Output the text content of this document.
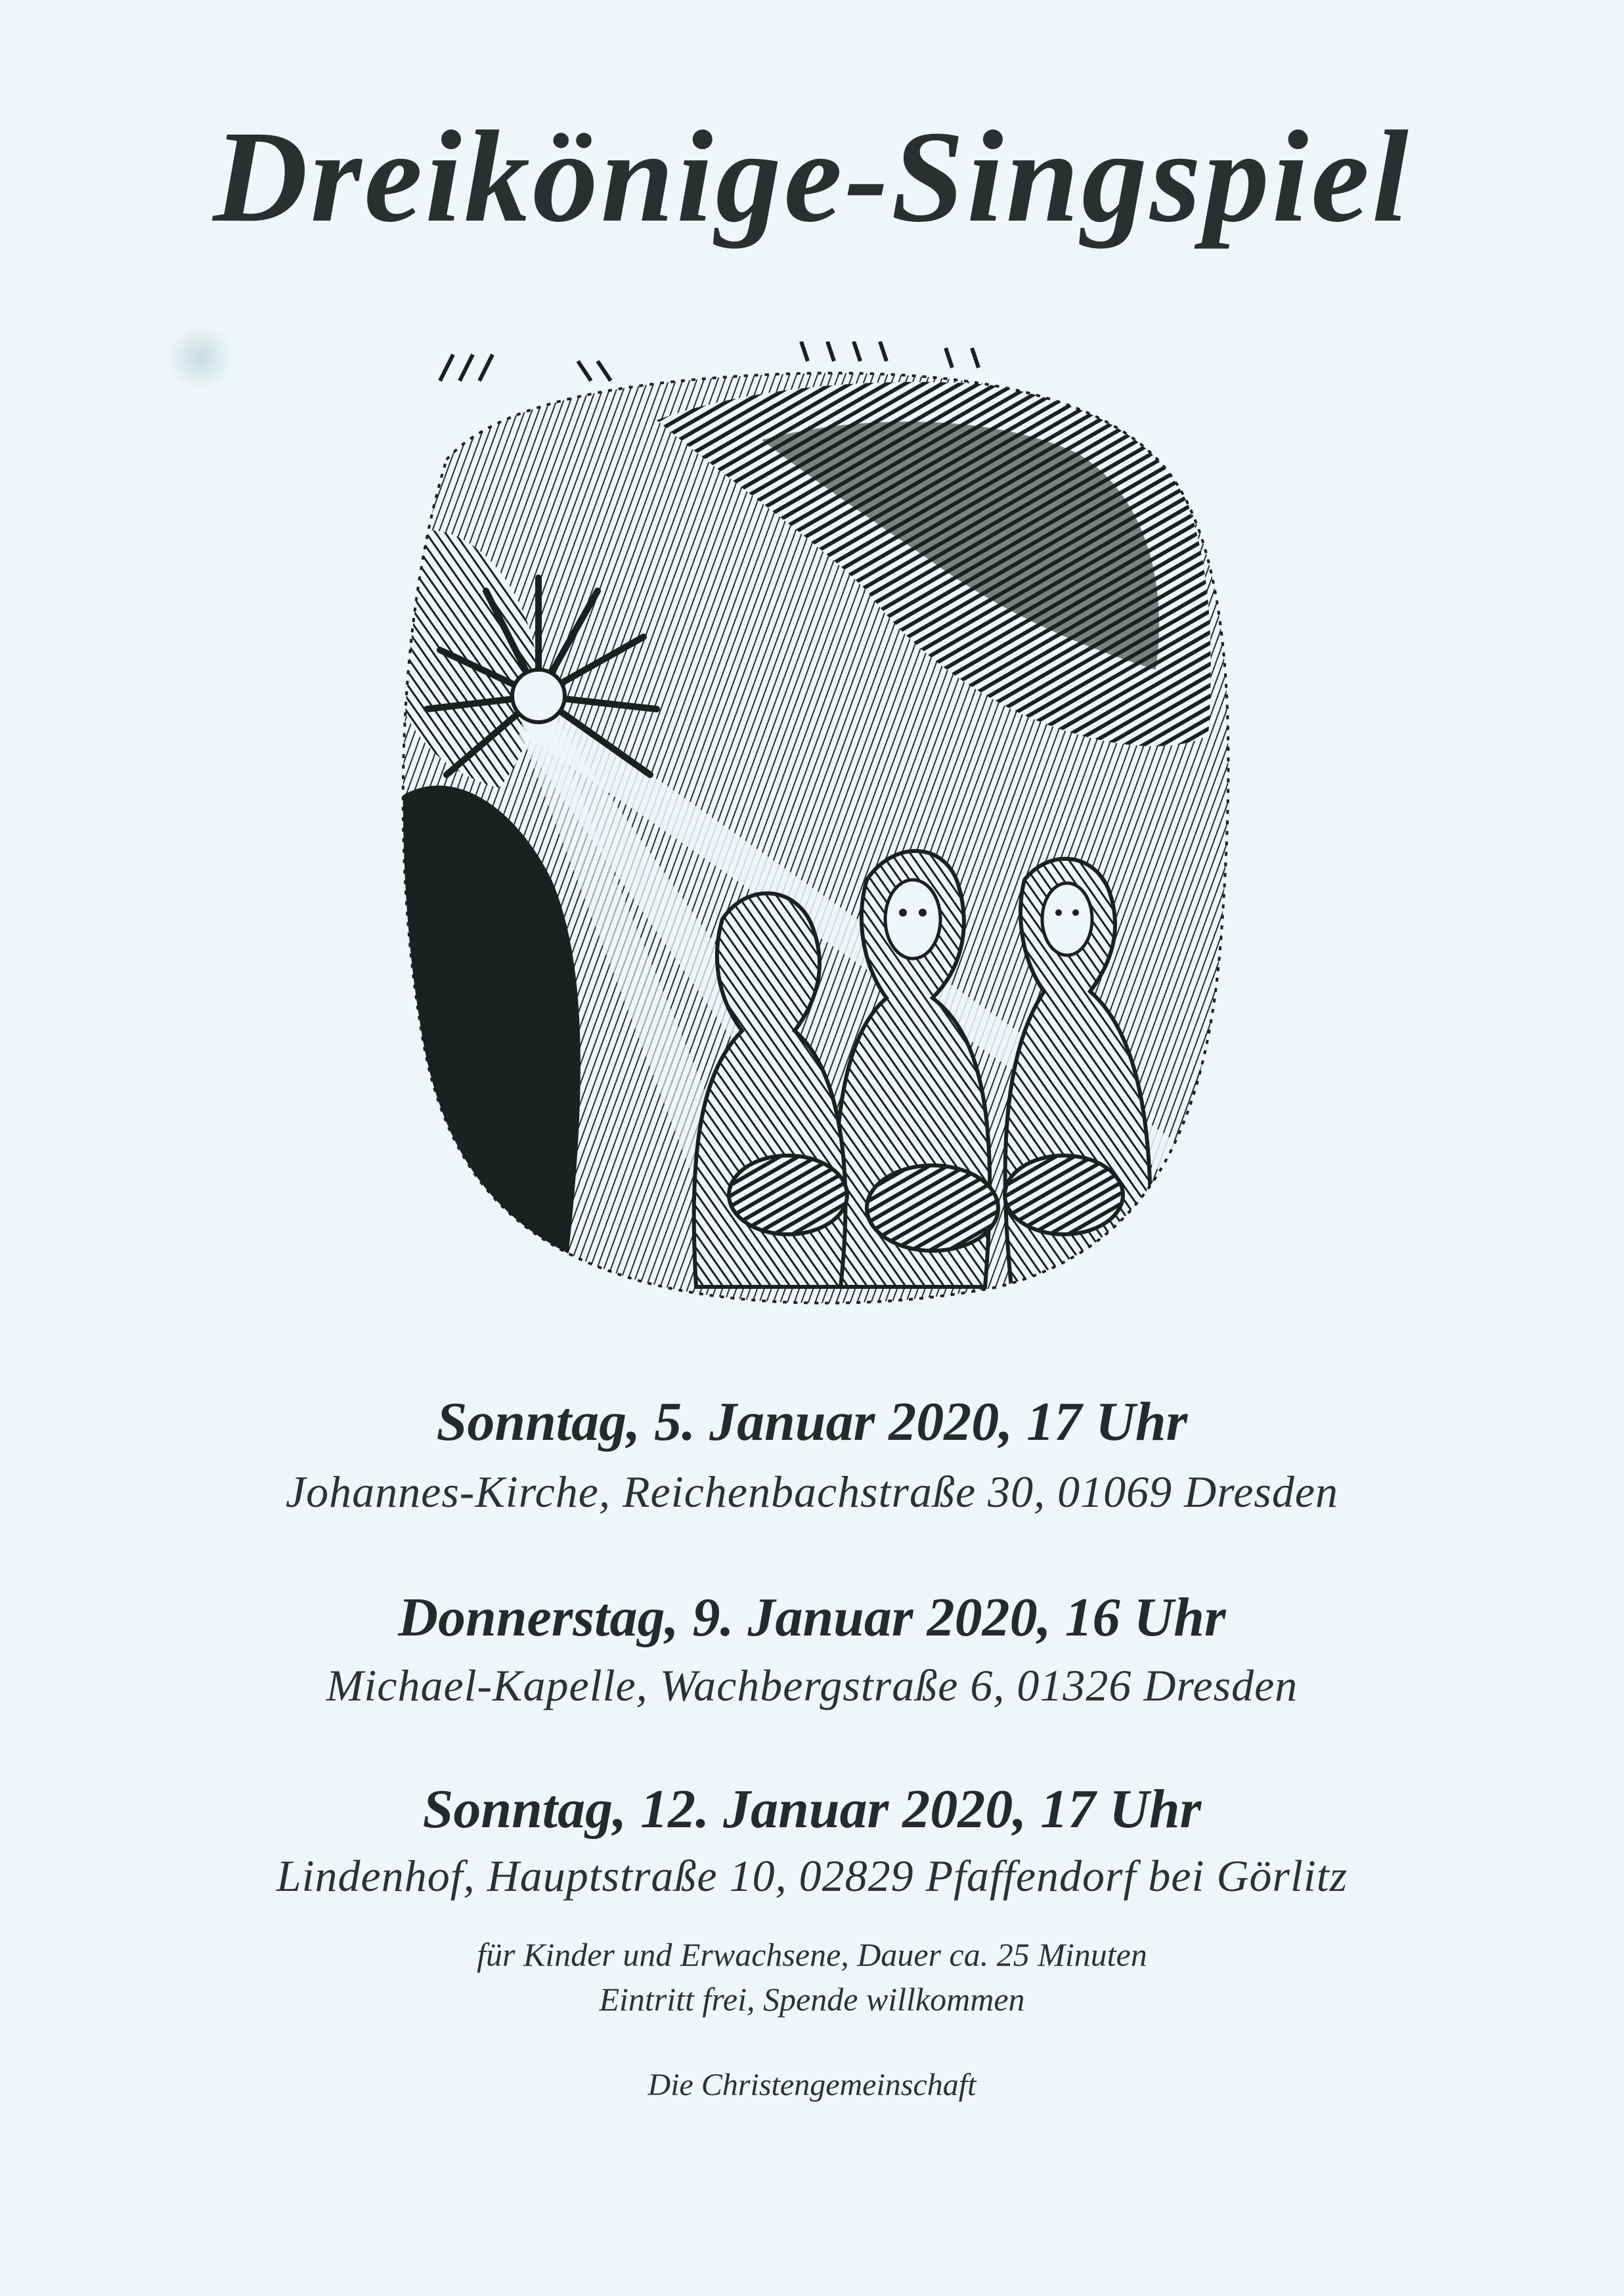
Dreikönige-Singspiel
Sonntag, 5. Januar 2020, 17 Uhr
Johannes-Kirche, Reichenbachstraße 30, 01069 Dresden
Donnerstag, 9. Januar 2020, 16 Uhr
Michael-Kapelle, Wachbergstraße 6, 01326 Dresden
Sonntag, 12. Januar 2020, 17 Uhr
Lindenhof, Hauptstraße 10, 02829 Pfaffendorf bei Görlitz
für Kinder und Erwachsene, Dauer ca. 25 Minuten
Eintritt frei, Spende willkommen
Die Christengemeinschaft
